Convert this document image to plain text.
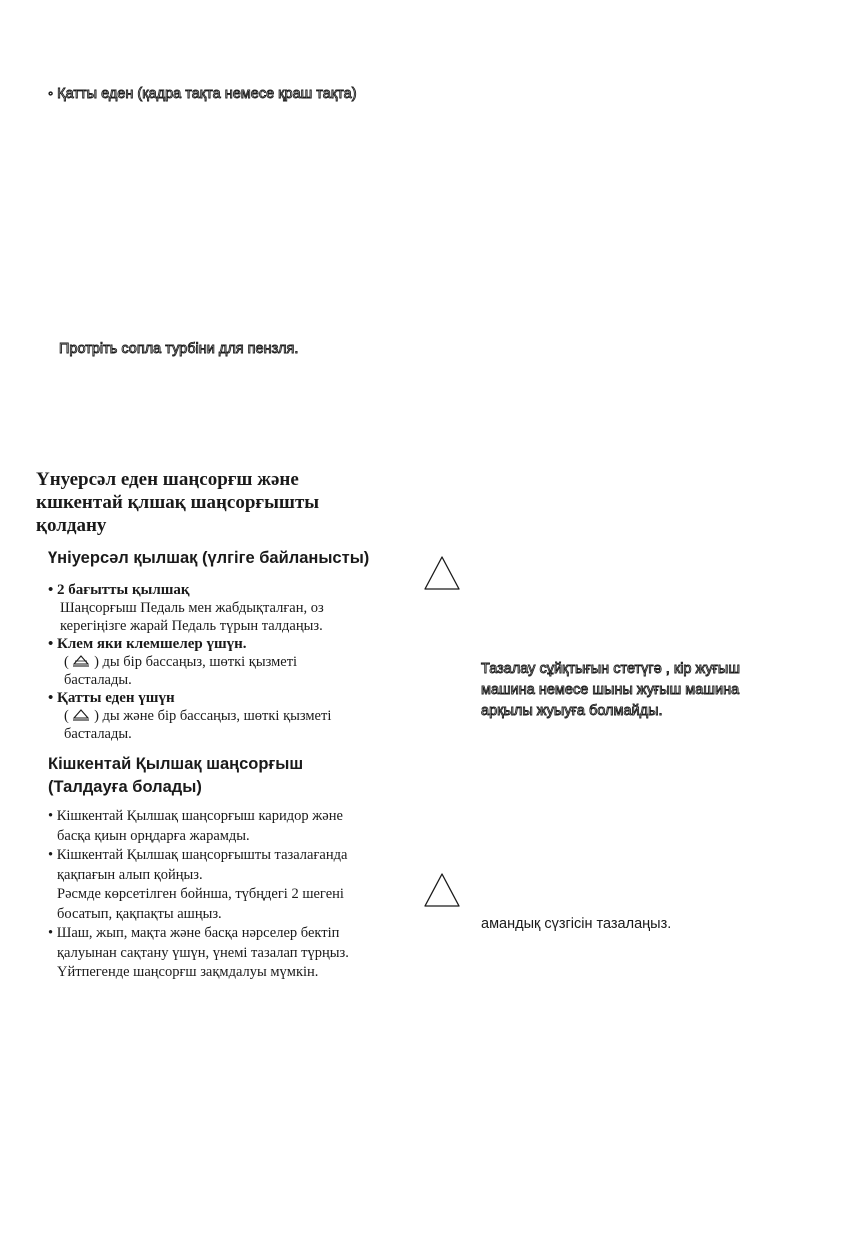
◦ Қатты еден (қадра тақта немесе қраш тақта)
Протріть сопла турбіни для пензля.
Үнуерсәл еден шаңсорғш және
кшкентай қлшақ шаңсорғышты
қолдану
Үніуерсәл қылшақ (үлгіге байланысты)
• 2 бағытты қылшақ
Шаңсорғыш Педаль мен жабдықталған, оз
керегіңізге жарай Педаль түрын талдаңыз.
• Клем яки клемшелер үшүн.
( ) ды бір бассаңыз, шөткі қызметі
басталады.
• Қатты еден үшүн
( ) ды және бір бассаңыз, шөткі қызметі
басталады.
Кішкентай Қылшақ шаңсорғыш
(Талдауға болады)
• Кішкентай Қылшақ шаңсорғыш каридор және
басқа қиын орңдарға жарамды.
• Кішкентай Қылшақ шаңсорғышты тазалағанда
қақпағын алып қойңыз.
Рәсмде көрсетілген бойнша, түбңдегі 2 шегені
босатып, қақпақты ашңыз.
• Шаш, жып, мақта және басқа нәрселер бектіп
қалуынан сақтану үшүн, үнемі тазалап түрңыз.
Үйтпегенде шаңсорғш зақмдалуы мүмкін.
Тазалау сұйқтығын стетүгә , кір жуғыш
машина немесе шыны жуғыш машина
арқылы жуыуға болмайды.
амандық сүзгісін тазалаңыз.
